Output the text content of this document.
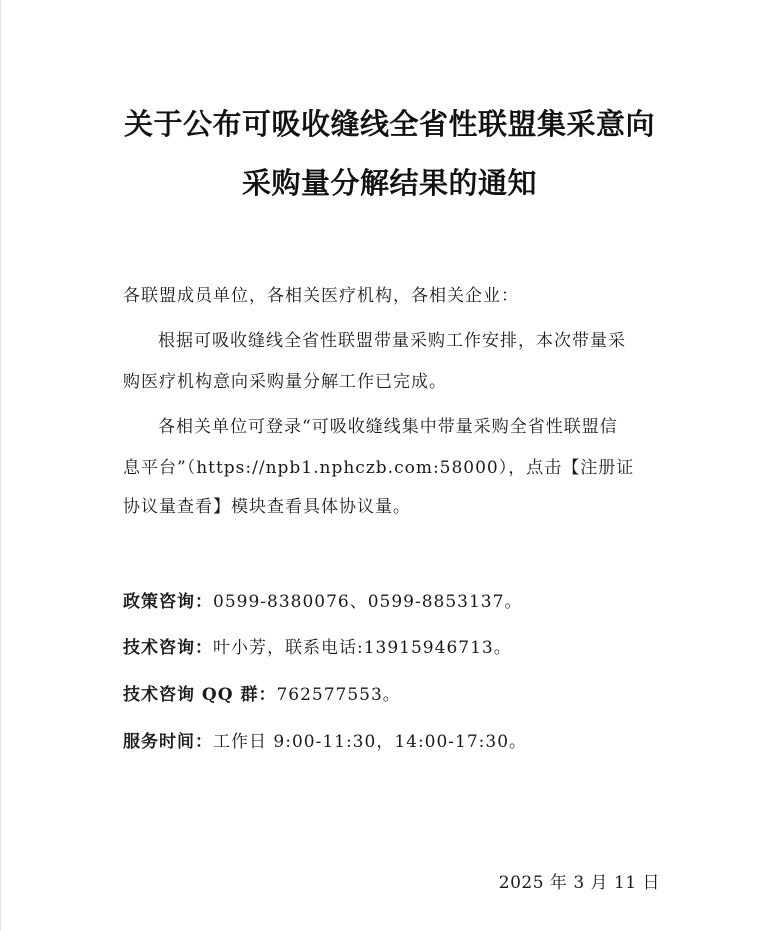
关于公布可吸收缝线全省性联盟集采意向
采购量分解结果的通知
各联盟成员单位，各相关医疗机构，各相关企业：
根据可吸收缝线全省性联盟带量采购工作安排，本次带量采
购医疗机构意向采购量分解工作已完成。
各相关单位可登录“可吸收缝线集中带量采购全省性联盟信
息平台”（https://npb1.nphczb.com:58000），点击【注册证
协议量查看】模块查看具体协议量。
政策咨询：0599-8380076、0599-8853137。
技术咨询：叶小芳，联系电话:13915946713。
技术咨询 QQ 群：762577553。
服务时间：工作日 9:00-11:30，14:00-17:30。
2025 年 3 月 11 日
